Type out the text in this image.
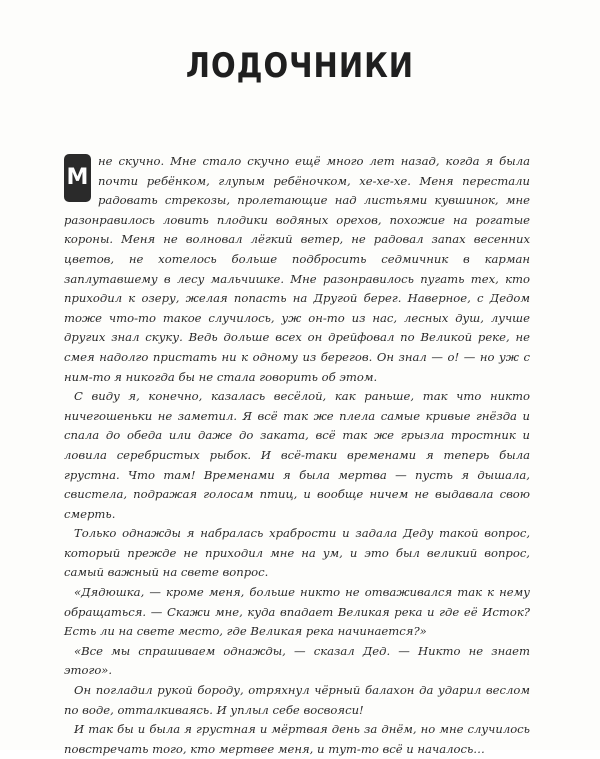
ЛОДОЧНИКИ

М
не скучно. Мне стало скучно ещё много лет назад, когда я была почти ребёнком, глупым ребёночком, хе-хе-хе. Меня перестали радовать стрекозы, пролетающие над листьями кувшинок, мне разонравилось ловить плодики водяных орехов, похожие на рогатые короны. Меня не волновал лёгкий ветер, не радовал запах весенних цветов, не хотелось больше подбросить седмичник в карман заплутавшему в лесу мальчишке. Мне разонравилось пугать тех, кто приходил к озеру, желая попасть на Другой берег. Наверное, с Дедом тоже что-то такое случилось, уж он-то из нас, лесных душ, лучше других знал скуку. Ведь дольше всех он дрейфовал по Великой реке, не смея надолго пристать ни к одному из берегов. Он знал — о! — но уж с ним-то я никогда бы не стала говорить об этом.

С виду я, конечно, казалась весёлой, как раньше, так что никто ничегошеньки не заметил. Я всё так же плела самые кривые гнёзда и спала до обеда или даже до заката, всё так же грызла тростник и ловила серебристых рыбок. И всё-таки временами я теперь была грустна. Что там! Временами я была мертва — пусть я дышала, свистела, подражая голосам птиц, и вообще ничем не выдавала свою смерть.

Только однажды я набралась храбрости и задала Деду такой вопрос, который прежде не приходил мне на ум, и это был великий вопрос, самый важный на свете вопрос.

«Дядюшка, — кроме меня, больше никто не отваживался так к нему обращаться. — Скажи мне, куда впадает Великая река и где её Исток? Есть ли на свете место, где Великая река начинается?»

«Все мы спрашиваем однажды, — сказал Дед. — Никто не знает этого».

Он погладил рукой бороду, отряхнул чёрный балахон да ударил веслом по воде, отталкиваясь. И уплыл себе восвояси!

И так бы и была я грустная и мёртвая день за днём, но мне случилось повстречать того, кто мертвее меня, и тут-то всё и началось…
